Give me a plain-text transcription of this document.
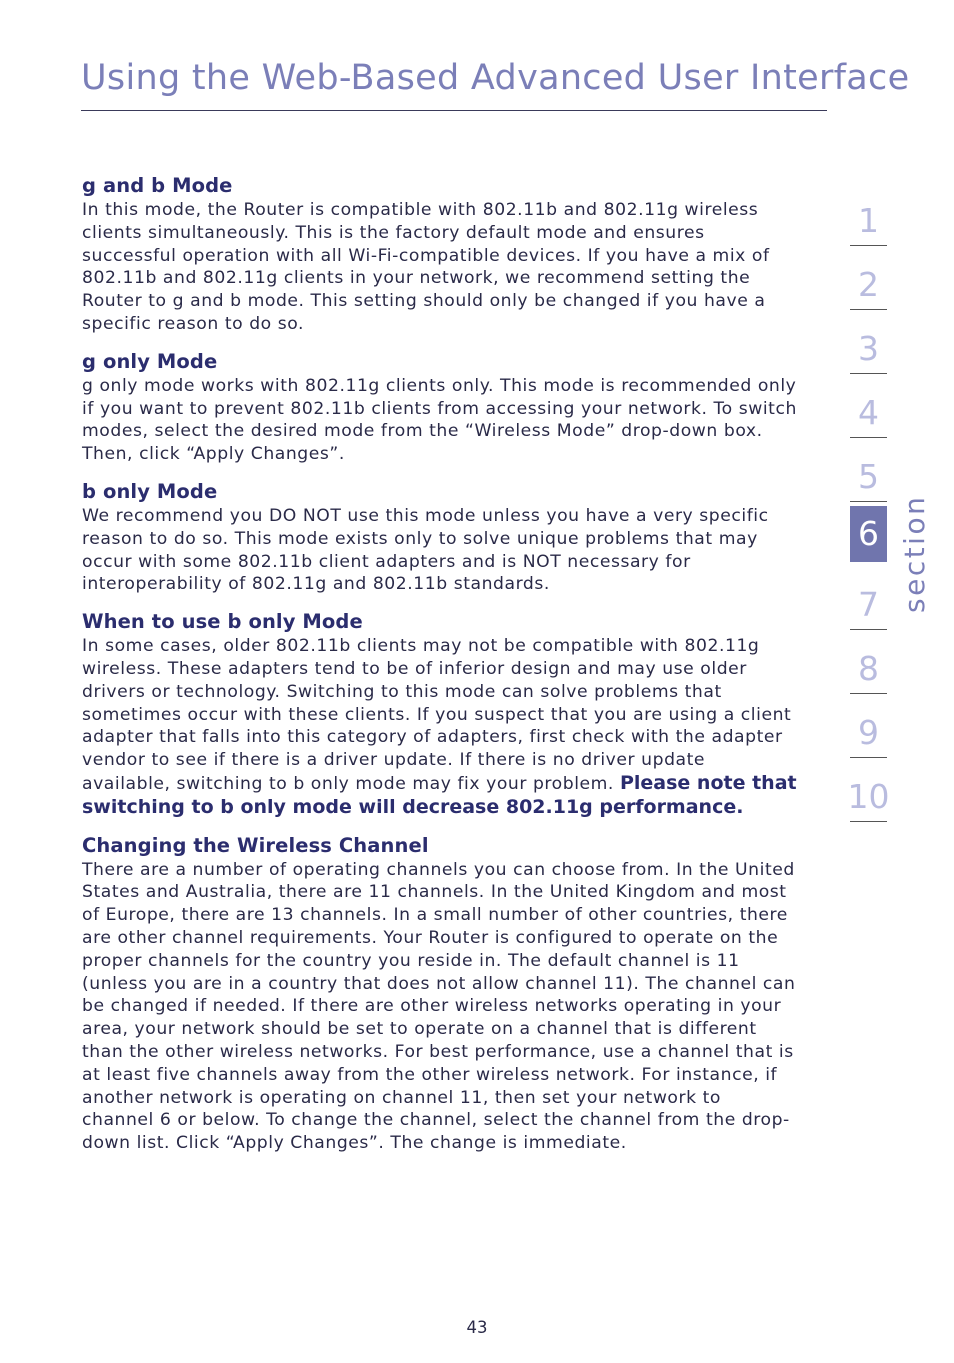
Using the Web-Based Advanced User Interface
g and b Mode

In this mode, the Router is compatible with 802.11b and 802.11g wireless clients simultaneously. This is the factory default mode and ensures successful operation with all Wi-Fi-compatible devices. If you have a mix of 802.11b and 802.11g clients in your network, we recommend setting the Router to g and b mode. This setting should only be changed if you have a specific reason to do so.

g only Mode

g only mode works with 802.11g clients only. This mode is recommended only if you want to prevent 802.11b clients from accessing your network. To switch modes, select the desired mode from the “Wireless Mode” drop-down box. Then, click “Apply Changes”.

b only Mode

We recommend you DO NOT use this mode unless you have a very specific reason to do so. This mode exists only to solve unique problems that may occur with some 802.11b client adapters and is NOT necessary for interoperability of 802.11g and 802.11b standards.

When to use b only Mode

In some cases, older 802.11b clients may not be compatible with 802.11g wireless. These adapters tend to be of inferior design and may use older drivers or technology. Switching to this mode can solve problems that sometimes occur with these clients. If you suspect that you are using a client adapter that falls into this category of adapters, first check with the adapter vendor to see if there is a driver update. If there is no driver update available, switching to b only mode may fix your problem. Please note that switching to b only mode will decrease 802.11g performance.

Changing the Wireless Channel

There are a number of operating channels you can choose from. In the United States and Australia, there are 11 channels. In the United Kingdom and most of Europe, there are 13 channels. In a small number of other countries, there are other channel requirements. Your Router is configured to operate on the proper channels for the country you reside in. The default channel is 11 (unless you are in a country that does not allow channel 11). The channel can be changed if needed. If there are other wireless networks operating in your area, your network should be set to operate on a channel that is different than the other wireless networks. For best performance, use a channel that is at least five channels away from the other wireless network. For instance, if another network is operating on channel 11, then set your network to channel 6 or below. To change the channel, select the channel from the drop-down list. Click “Apply Changes”. The change is immediate.

1
2
3
4
5
6
7
8
9
10
section
43
